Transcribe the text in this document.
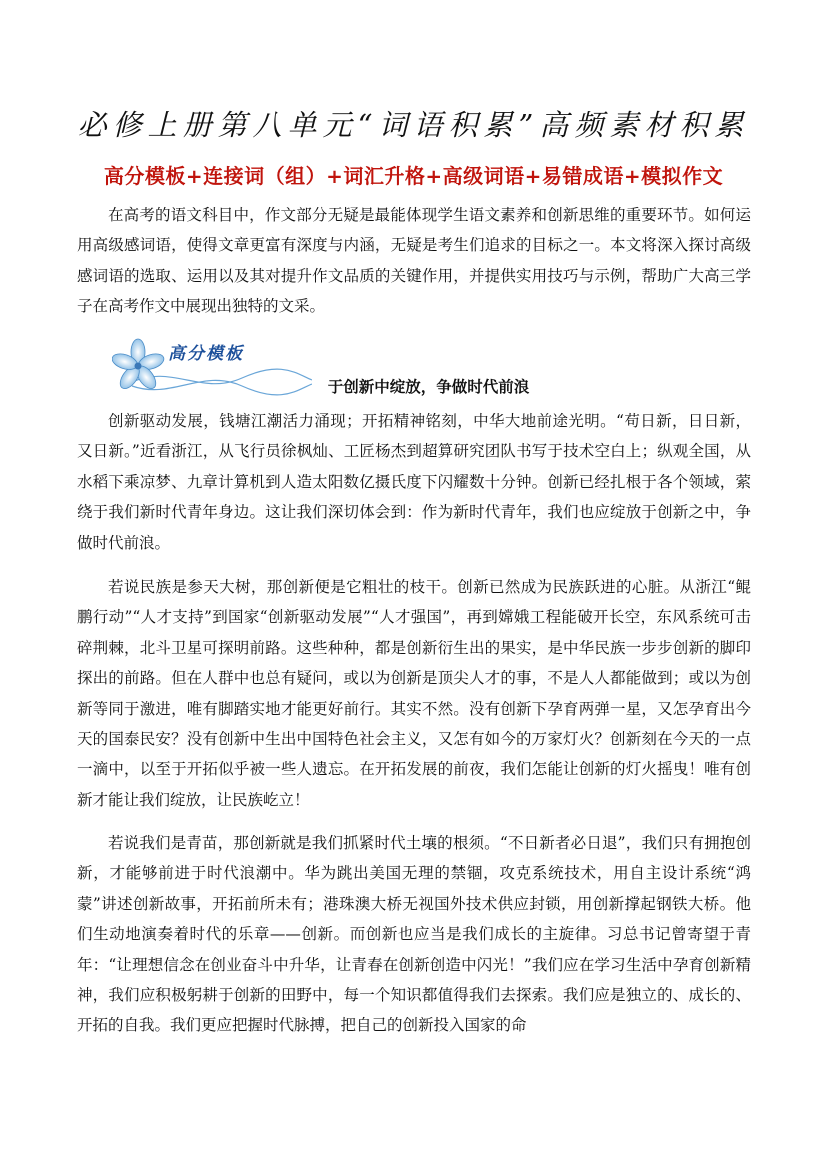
必修上册第八单元“词语积累”高频素材积累
高分模板+连接词（组）+词汇升格+高级词语+易错成语+模拟作文

在高考的语文科目中，作文部分无疑是最能体现学生语文素养和创新思维的重要环节。如何运用高级感词语，使得文章更富有深度与内涵，无疑是考生们追求的目标之一。本文将深入探讨高级感词语的选取、运用以及其对提升作文品质的关键作用，并提供实用技巧与示例，帮助广大高三学子在高考作文中展现出独特的文采。

高分模板
于创新中绽放，争做时代前浪

创新驱动发展，钱塘江潮活力涌现；开拓精神铭刻，中华大地前途光明。“苟日新，日日新，又日新。”近看浙江，从飞行员徐枫灿、工匠杨杰到超算研究团队书写于技术空白上；纵观全国，从水稻下乘凉梦、九章计算机到人造太阳数亿摄氏度下闪耀数十分钟。创新已经扎根于各个领域，萦绕于我们新时代青年身边。这让我们深切体会到：作为新时代青年，我们也应绽放于创新之中，争做时代前浪。

若说民族是参天大树，那创新便是它粗壮的枝干。创新已然成为民族跃进的心脏。从浙江“鲲鹏行动”“人才支持”到国家“创新驱动发展”“人才强国”，再到嫦娥工程能破开长空，东风系统可击碎荆棘，北斗卫星可探明前路。这些种种，都是创新衍生出的果实，是中华民族一步步创新的脚印探出的前路。但在人群中也总有疑问，或以为创新是顶尖人才的事，不是人人都能做到；或以为创新等同于激进，唯有脚踏实地才能更好前行。其实不然。没有创新下孕育两弹一星，又怎孕育出今天的国泰民安？没有创新中生出中国特色社会主义，又怎有如今的万家灯火？创新刻在今天的一点一滴中，以至于开拓似乎被一些人遗忘。在开拓发展的前夜，我们怎能让创新的灯火摇曳！唯有创新才能让我们绽放，让民族屹立！

若说我们是青苗，那创新就是我们抓紧时代土壤的根须。“不日新者必日退”，我们只有拥抱创新，才能够前进于时代浪潮中。华为跳出美国无理的禁锢，攻克系统技术，用自主设计系统“鸿蒙”讲述创新故事，开拓前所未有；港珠澳大桥无视国外技术供应封锁，用创新撑起钢铁大桥。他们生动地演奏着时代的乐章——创新。而创新也应当是我们成长的主旋律。习总书记曾寄望于青年：“让理想信念在创业奋斗中升华，让青春在创新创造中闪光！”我们应在学习生活中孕育创新精神，我们应积极躬耕于创新的田野中，每一个知识都值得我们去探索。我们应是独立的、成长的、开拓的自我。我们更应把握时代脉搏，把自己的创新投入国家的命
